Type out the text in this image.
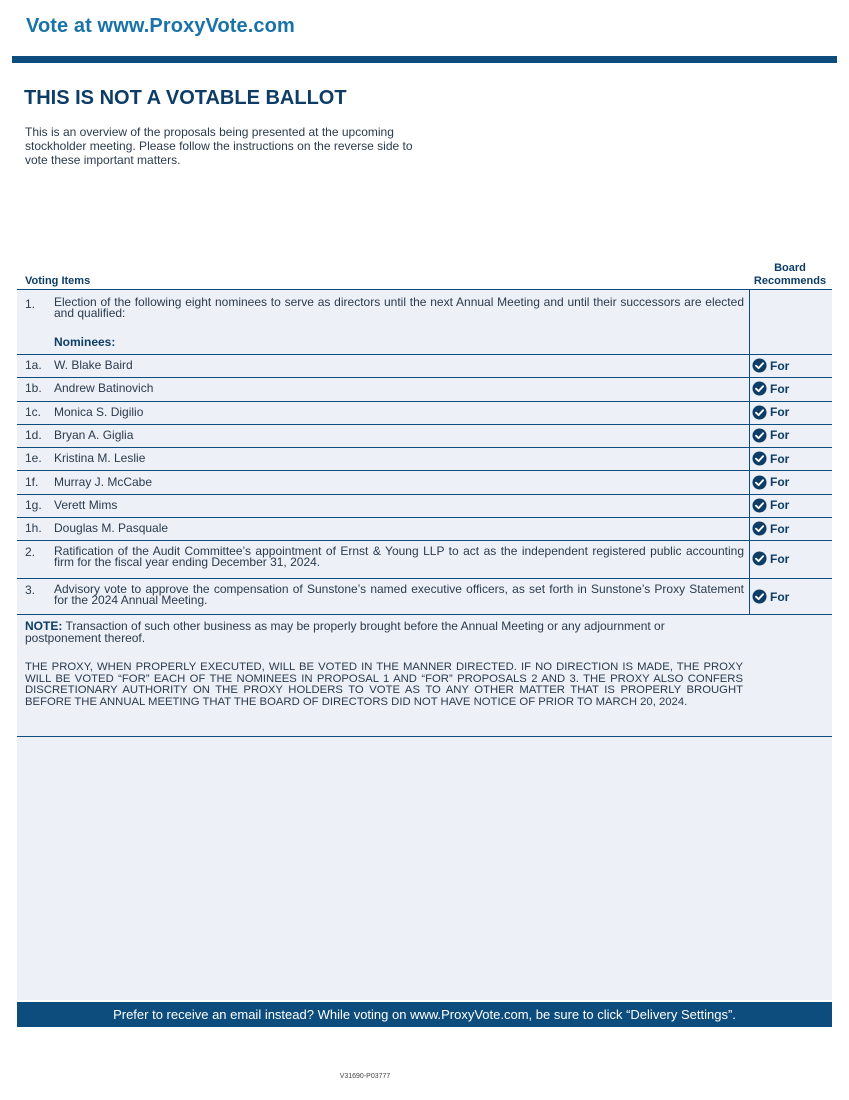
Vote at www.ProxyVote.com
THIS IS NOT A VOTABLE BALLOT
This is an overview of the proposals being presented at the upcoming stockholder meeting. Please follow the instructions on the reverse side to vote these important matters.
Voting Items
Board
Recommends
1. Election of the following eight nominees to serve as directors until the next Annual Meeting and until their successors are elected and qualified:
Nominees:
1a. W. Blake Baird	For
1b. Andrew Batinovich	For
1c. Monica S. Digilio	For
1d. Bryan A. Giglia	For
1e. Kristina M. Leslie	For
1f. Murray J. McCabe	For
1g. Verett Mims	For
1h. Douglas M. Pasquale	For
2. Ratification of the Audit Committee’s appointment of Ernst & Young LLP to act as the independent registered public accounting firm for the fiscal year ending December 31, 2024.	For
3. Advisory vote to approve the compensation of Sunstone’s named executive officers, as set forth in Sunstone’s Proxy Statement for the 2024 Annual Meeting.	For
NOTE: Transaction of such other business as may be properly brought before the Annual Meeting or any adjournment or postponement thereof.
THE PROXY, WHEN PROPERLY EXECUTED, WILL BE VOTED IN THE MANNER DIRECTED. IF NO DIRECTION IS MADE, THE PROXY WILL BE VOTED “FOR” EACH OF THE NOMINEES IN PROPOSAL 1 AND “FOR” PROPOSALS 2 AND 3. THE PROXY ALSO CONFERS DISCRETIONARY AUTHORITY ON THE PROXY HOLDERS TO VOTE AS TO ANY OTHER MATTER THAT IS PROPERLY BROUGHT BEFORE THE ANNUAL MEETING THAT THE BOARD OF DIRECTORS DID NOT HAVE NOTICE OF PRIOR TO MARCH 20, 2024.
Prefer to receive an email instead? While voting on www.ProxyVote.com, be sure to click “Delivery Settings”.
V31690-P03777
